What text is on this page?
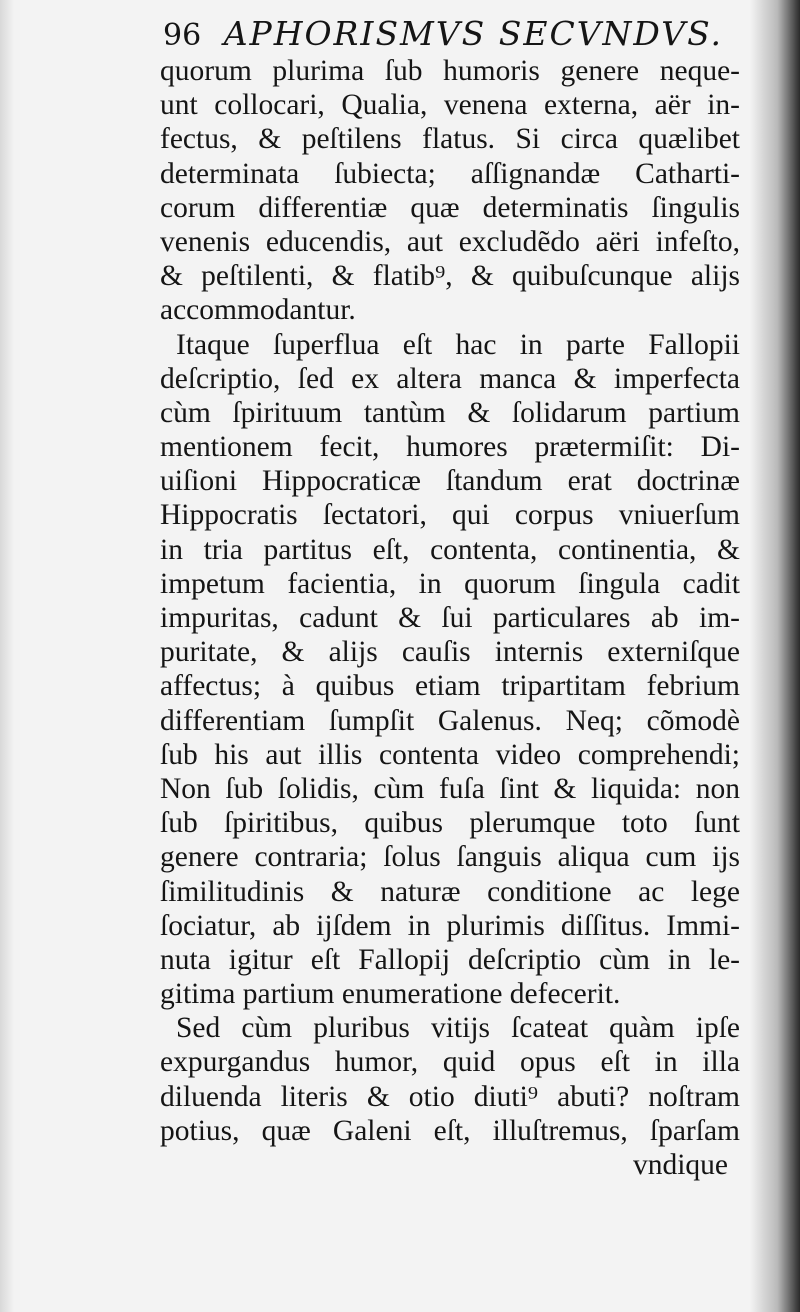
96 APHORISMVS SECVNDVS.
quorum plurima ſub humoris genere neque-
unt collocari, Qualia, venena externa, aër in-
fectus, & peſtilens flatus. Si circa quælibet
determinata ſubiecta; aſſignandæ Catharti-
corum differentiæ quæ determinatis ſingulis
venenis educendis, aut excludẽdo aëri infeſto,
& peſtilenti, & flatib⁹, & quibuſcunque alijs
accommodantur.
Itaque ſuperflua eſt hac in parte Fallopii
deſcriptio, ſed ex altera manca & imperfecta
cùm ſpirituum tantùm & ſolidarum partium
mentionem fecit, humores prætermiſit: Di-
uiſioni Hippocraticæ ſtandum erat doctrinæ
Hippocratis ſectatori, qui corpus vniuerſum
in tria partitus eſt, contenta, continentia, &
impetum facientia, in quorum ſingula cadit
impuritas, cadunt & ſui particulares ab im-
puritate, & alijs cauſis internis externiſque
affectus; à quibus etiam tripartitam febrium
differentiam ſumpſit Galenus. Neq; cõmodè
ſub his aut illis contenta video comprehendi;
Non ſub ſolidis, cùm fuſa ſint & liquida: non
ſub ſpiritibus, quibus plerumque toto ſunt
genere contraria; ſolus ſanguis aliqua cum ijs
ſimilitudinis & naturæ conditione ac lege
ſociatur, ab ijſdem in plurimis diſſitus. Immi-
nuta igitur eſt Fallopij deſcriptio cùm in le-
gitima partium enumeratione defecerit.
Sed cùm pluribus vitijs ſcateat quàm ipſe
expurgandus humor, quid opus eſt in illa
diluenda literis & otio diuti⁹ abuti? noſtram
potius, quæ Galeni eſt, illuſtremus, ſparſam
vndique
